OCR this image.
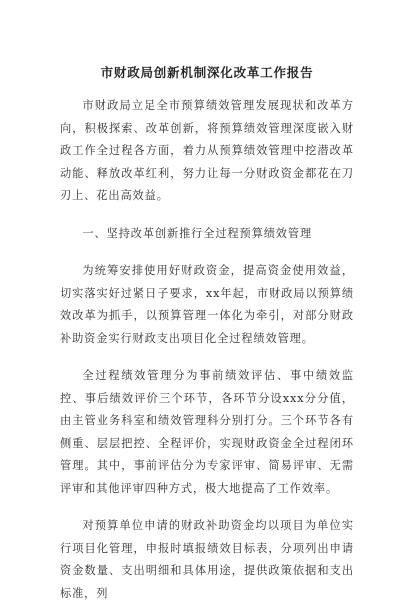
市财政局创新机制深化改革工作报告

市财政局立足全市预算绩效管理发展现状和改革方向，积极探索、改革创新，将预算绩效管理深度嵌入财政工作全过程各方面，着力从预算绩效管理中挖潜改革动能、释放改革红利，努力让每一分财政资金都花在刀刃上、花出高效益。

一、坚持改革创新推行全过程预算绩效管理

为统筹安排使用好财政资金，提高资金使用效益，切实落实好过紧日子要求，xx年起，市财政局以预算绩效改革为抓手，以预算管理一体化为牵引，对部分财政补助资金实行财政支出项目化全过程绩效管理。

全过程绩效管理分为事前绩效评估、事中绩效监控、事后绩效评价三个环节，各环节分设xxx分分值，由主管业务科室和绩效管理科分别打分。三个环节各有侧重、层层把控、全程评价，实现财政资金全过程闭环管理。其中，事前评估分为专家评审、简易评审、无需评审和其他评审四种方式，极大地提高了工作效率。

对预算单位申请的财政补助资金均以项目为单位实行项目化管理，申报时填报绩效目标表，分项列出申请资金数量、支出明细和具体用途，提供政策依据和支出标准，列
